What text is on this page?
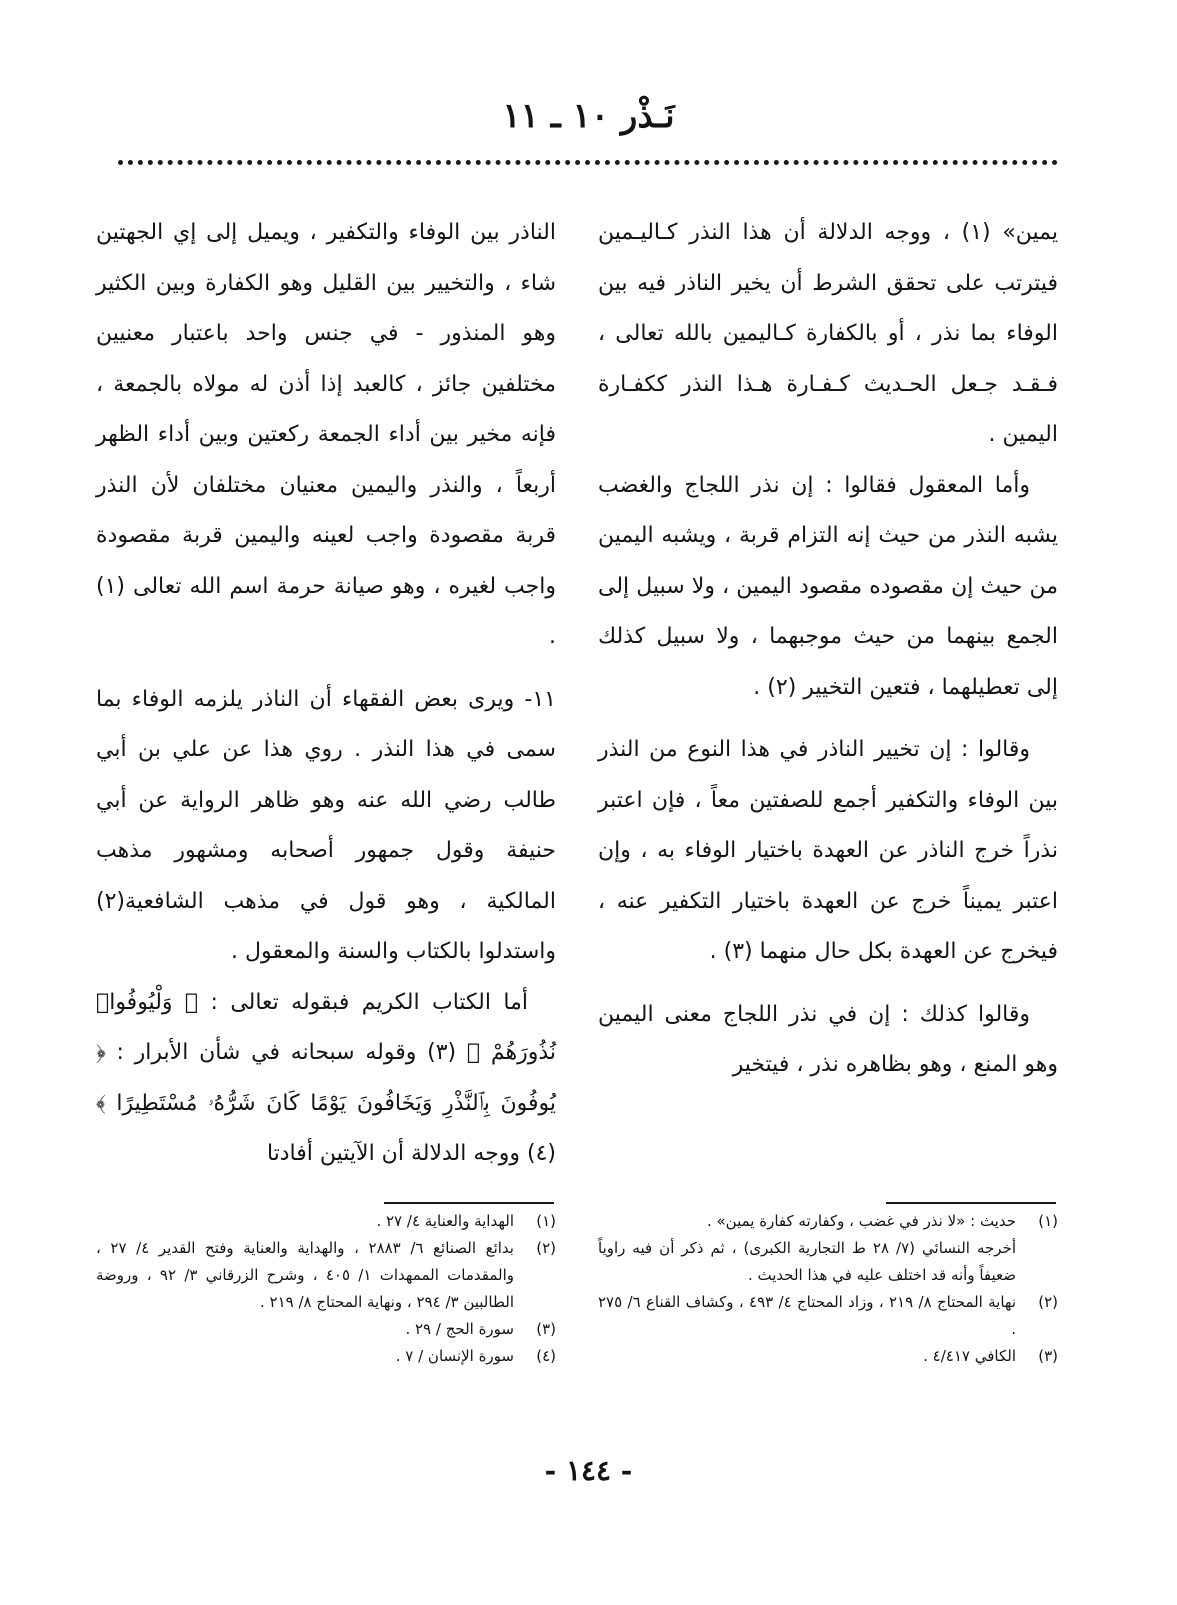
نَـذْر ١٠ ـ ١١

يمين» (١) ، ووجه الدلالة أن هذا النذر كـاليـمين فيترتب على تحقق الشرط أن يخير الناذر فيه بين الوفاء بما نذر ، أو بالكفارة كـاليمين بالله تعالى ، فـقـد جـعل الحـديث كـفـارة هـذا النذر ككفـارة اليمين .

وأما المعقول فقالوا : إن نذر اللجاج والغضب يشبه النذر من حيث إنه التزام قربة ، ويشبه اليمين من حيث إن مقصوده مقصود اليمين ، ولا سبيل إلى الجمع بينهما من حيث موجبهما ، ولا سبيل كذلك إلى تعطيلهما ، فتعين التخيير (٢) .

وقالوا : إن تخيير الناذر في هذا النوع من النذر بين الوفاء والتكفير أجمع للصفتين معاً ، فإن اعتبر نذراً خرج الناذر عن العهدة باختيار الوفاء به ، وإن اعتبر يميناً خرج عن العهدة باختيار التكفير عنه ، فيخرج عن العهدة بكل حال منهما (٣) .

وقالوا كذلك : إن في نذر اللجاج معنى اليمين وهو المنع ، وهو بظاهره نذر ، فيتخير

الناذر بين الوفاء والتكفير ، ويميل إلى إي الجهتين شاء ، والتخيير بين القليل وهو الكفارة وبين الكثير وهو المنذور - في جنس واحد باعتبار معنيين مختلفين جائز ، كالعبد إذا أذن له مولاه بالجمعة ، فإنه مخير بين أداء الجمعة ركعتين وبين أداء الظهر أربعاً ، والنذر واليمين معنيان مختلفان لأن النذر قربة مقصودة واجب لعينه واليمين قربة مقصودة واجب لغيره ، وهو صيانة حرمة اسم الله تعالى (١) .

١١- ويرى بعض الفقهاء أن الناذر يلزمه الوفاء بما سمى في هذا النذر . روي هذا عن علي بن أبي طالب رضي الله عنه وهو ظاهر الرواية عن أبي حنيفة وقول جمهور أصحابه ومشهور مذهب المالكية ، وهو قول في مذهب الشافعية(٢) واستدلوا بالكتاب والسنة والمعقول .

أما الكتاب الكريم فبقوله تعالى : ﴿ وَلْيُوفُوا۟ نُذُورَهُمْ ﴾ (٣) وقوله سبحانه في شأن الأبرار : ﴿ يُوفُونَ بِٱلنَّذْرِ وَيَخَافُونَ يَوْمًا كَانَ شَرُّهُۥ مُسْتَطِيرًا ﴾(٤) ووجه الدلالة أن الآيتين أفادتا

(١)
حديث : «لا نذر في غضب ، وكفارته كفارة يمين» .
أخرجه النسائي (٧/ ٢٨ ط التجارية الكبرى) ، ثم ذكر أن فيه راوياً ضعيفاً وأنه قد اختلف عليه في هذا الحديث .
(٢)
نهاية المحتاج ٨/ ٢١٩ ، وزاد المحتاج ٤/ ٤٩٣ ، وكشاف القناع ٦/ ٢٧٥ .
(٣)
الكافي ٤/٤١٧ .
(١)
الهداية والعناية ٤/ ٢٧ .
(٢)
بدائع الصنائع ٦/ ٢٨٨٣ ، والهداية والعناية وفتح القدير ٤/ ٢٧ ، والمقدمات الممهدات ١/ ٤٠٥ ، وشرح الزرقاني ٣/ ٩٢ ، وروضة الطالبين ٣/ ٢٩٤ ، ونهاية المحتاج ٨/ ٢١٩ .
(٣)
سورة الحج / ٢٩ .
(٤)
سورة الإنسان / ٧ .
- ١٤٤ -
